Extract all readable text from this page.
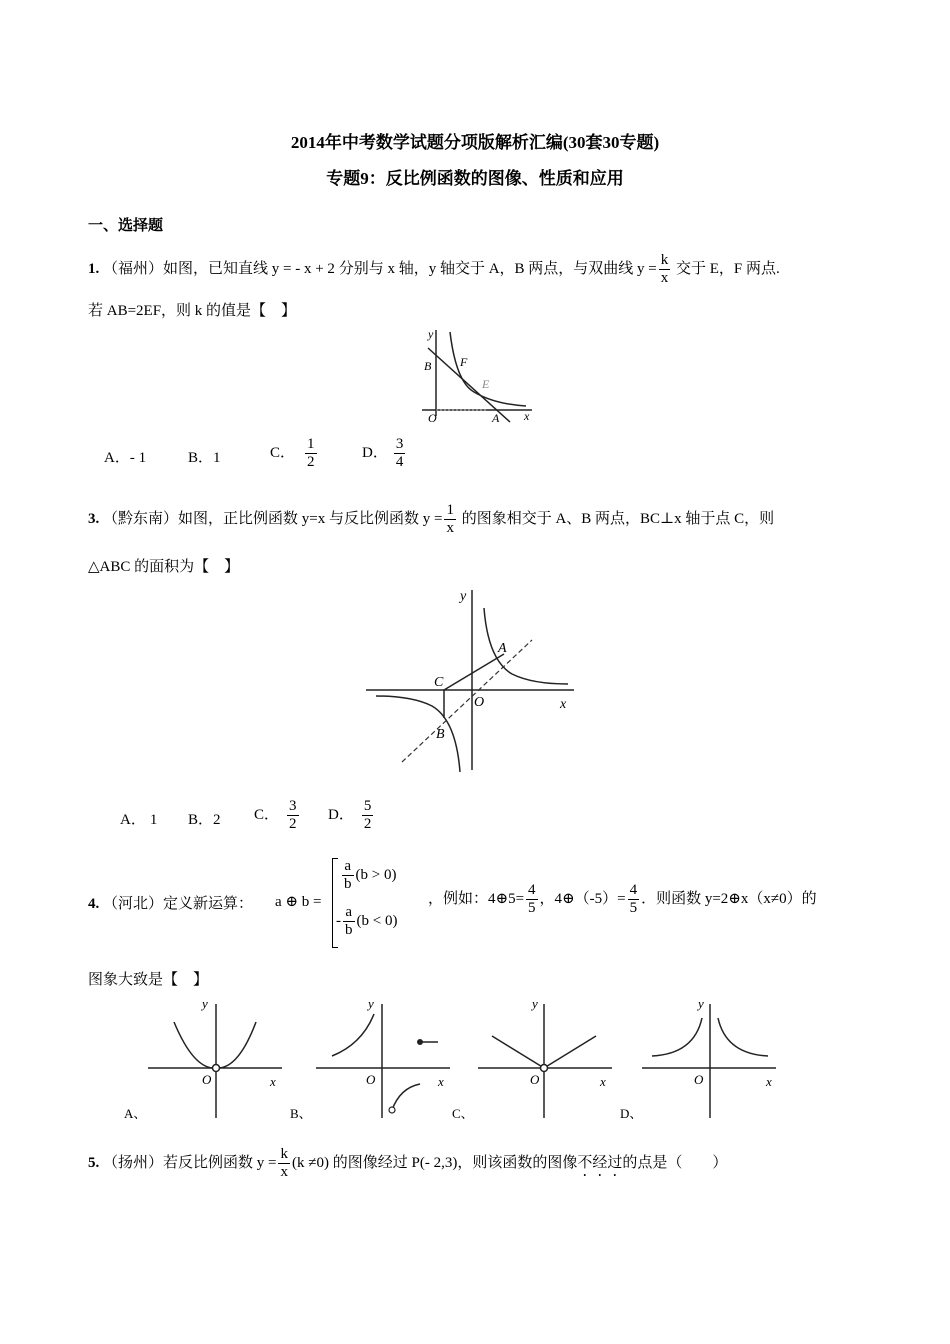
2014年中考数学试题分项版解析汇编(30套30专题)
专题9：反比例函数的图像、性质和应用
一、选择题
1. （福州）如图，已知直线 y = - x + 2 分别与 x 轴，y 轴交于 A，B 两点，与双曲线 $y = \frac{k}{x}$ 交于 E，F 两点.
若 AB=2EF，则 k 的值是【　】
y
B F
E
O	A x
A．- 1	B．1	C． $\frac{1}{2}$	D． $\frac{3}{4}$
3. （黔东南）如图，正比例函数 y=x 与反比例函数 $y = \frac{1}{x}$ 的图象相交于 A、B 两点，BC⊥x 轴于点 C，则
△ABC 的面积为【　】
y
A
C
O
B
x
A． 1 B．2 C． $\frac{3}{2}$ D． $\frac{5}{2}$
4. （河北）定义新运算： a ⊕ b =
$\frac{a}{b} (b > 0)$
- $\frac{a}{b} (b < 0)$
，例如：4⊕5= $\frac{4}{5}$ ，4⊕（-5）= $\frac{4}{5}$ ．则函数 y=2⊕x（x≠0）的
图象大致是【　】
y
O	x
A、
y
O	x
B、
y
O	x
C、
y
O	x
D、
5. （扬州）若反比例函数 $y = \frac{k}{x} (k \ne 0)$ 的图像经过 P(- 2,3)，则该函数的图像不经过的点是（　　）
